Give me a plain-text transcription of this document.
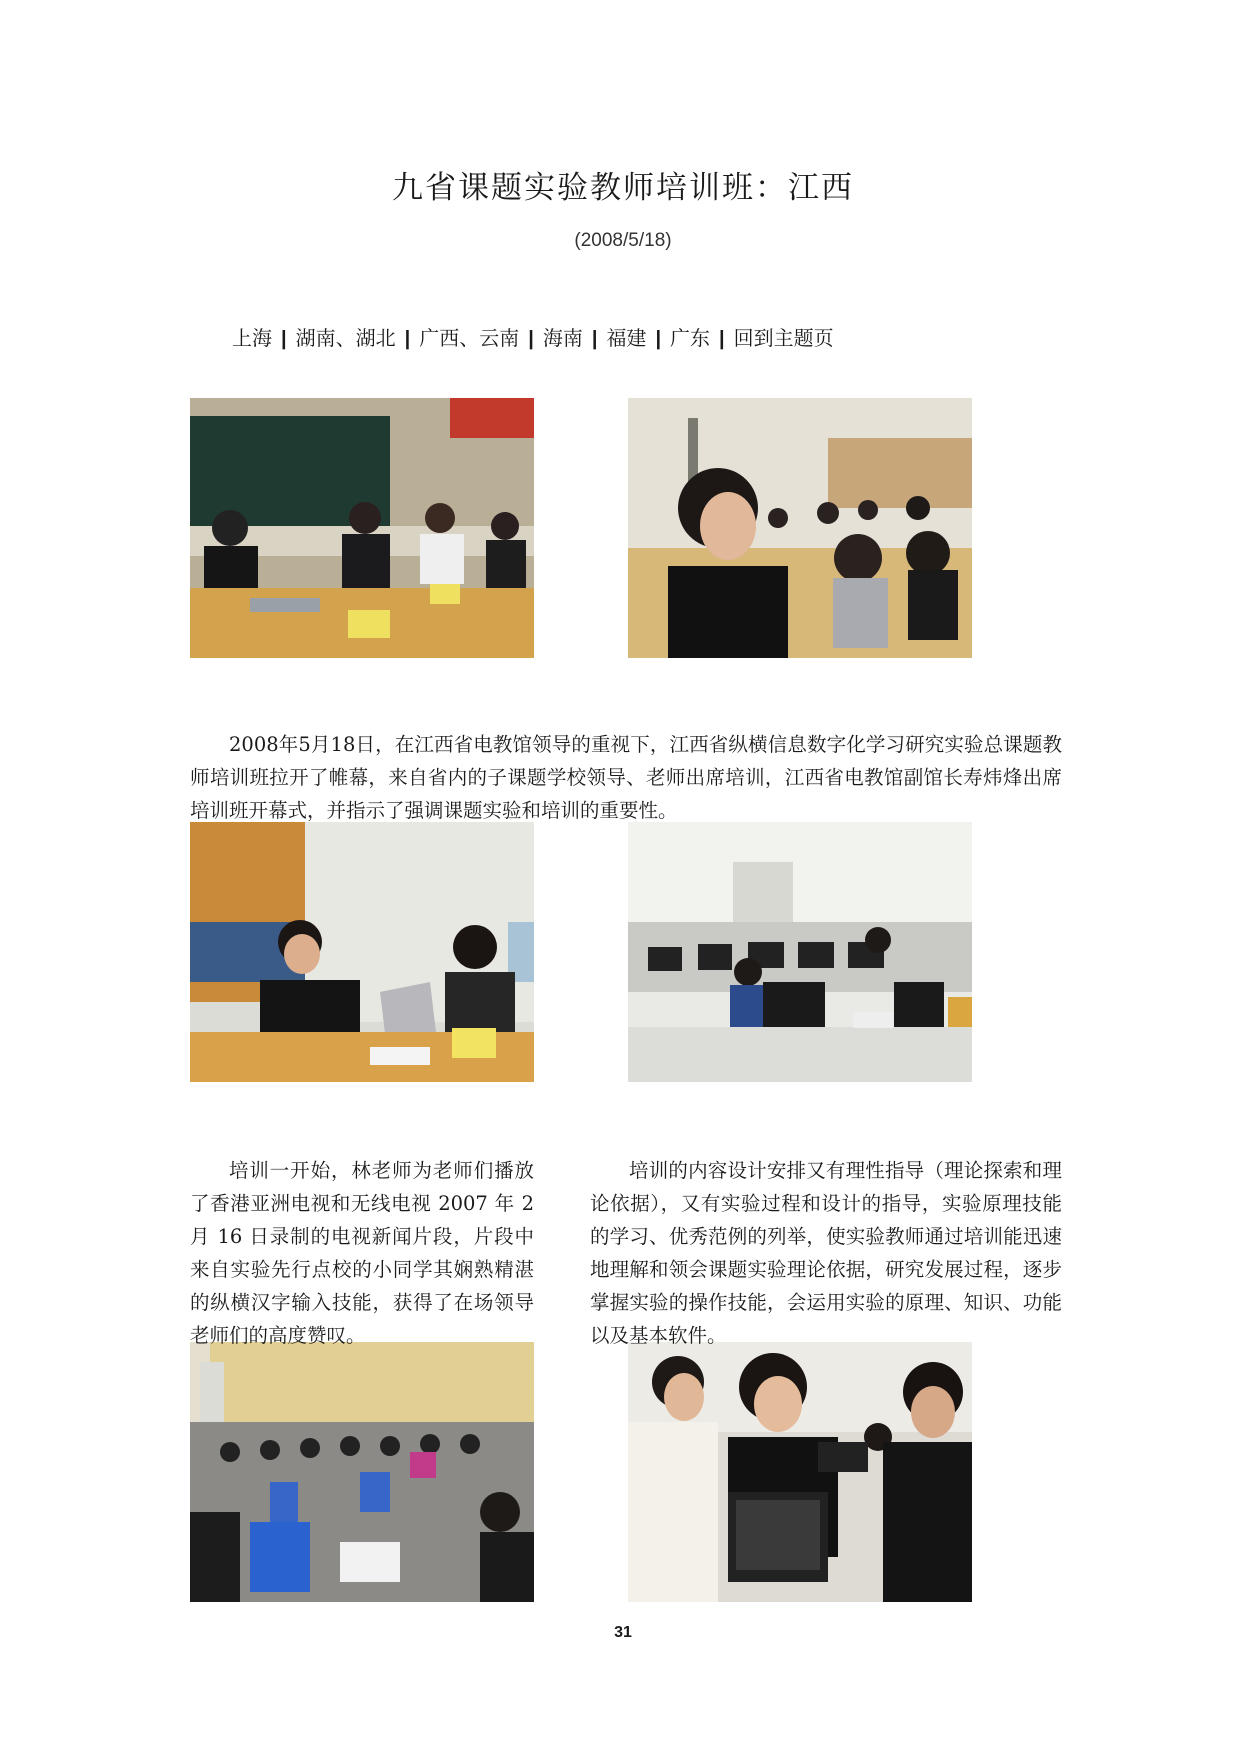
九省课题实验教师培训班：江西
(2008/5/18)
上海 | 湖南、湖北 | 广西、云南 | 海南 | 福建 | 广东 | 回到主题页

2008年5月18日，在江西省电教馆领导的重视下，江西省纵横信息数字化学习研究实验总课题教师培训班拉开了帷幕，来自省内的子课题学校领导、老师出席培训，江西省电教馆副馆长寿炜烽出席培训班开幕式，并指示了强调课题实验和培训的重要性。

培训一开始，林老师为老师们播放了香港亚洲电视和无线电视 2007 年 2 月 16 日录制的电视新闻片段，片段中来自实验先行点校的小同学其娴熟精湛的纵横汉字输入技能，获得了在场领导老师们的高度赞叹。

培训的内容设计安排又有理性指导（理论探索和理论依据），又有实验过程和设计的指导，实验原理技能的学习、优秀范例的列举，使实验教师通过培训能迅速地理解和领会课题实验理论依据，研究发展过程，逐步掌握实验的操作技能，会运用实验的原理、知识、功能以及基本软件。

31
